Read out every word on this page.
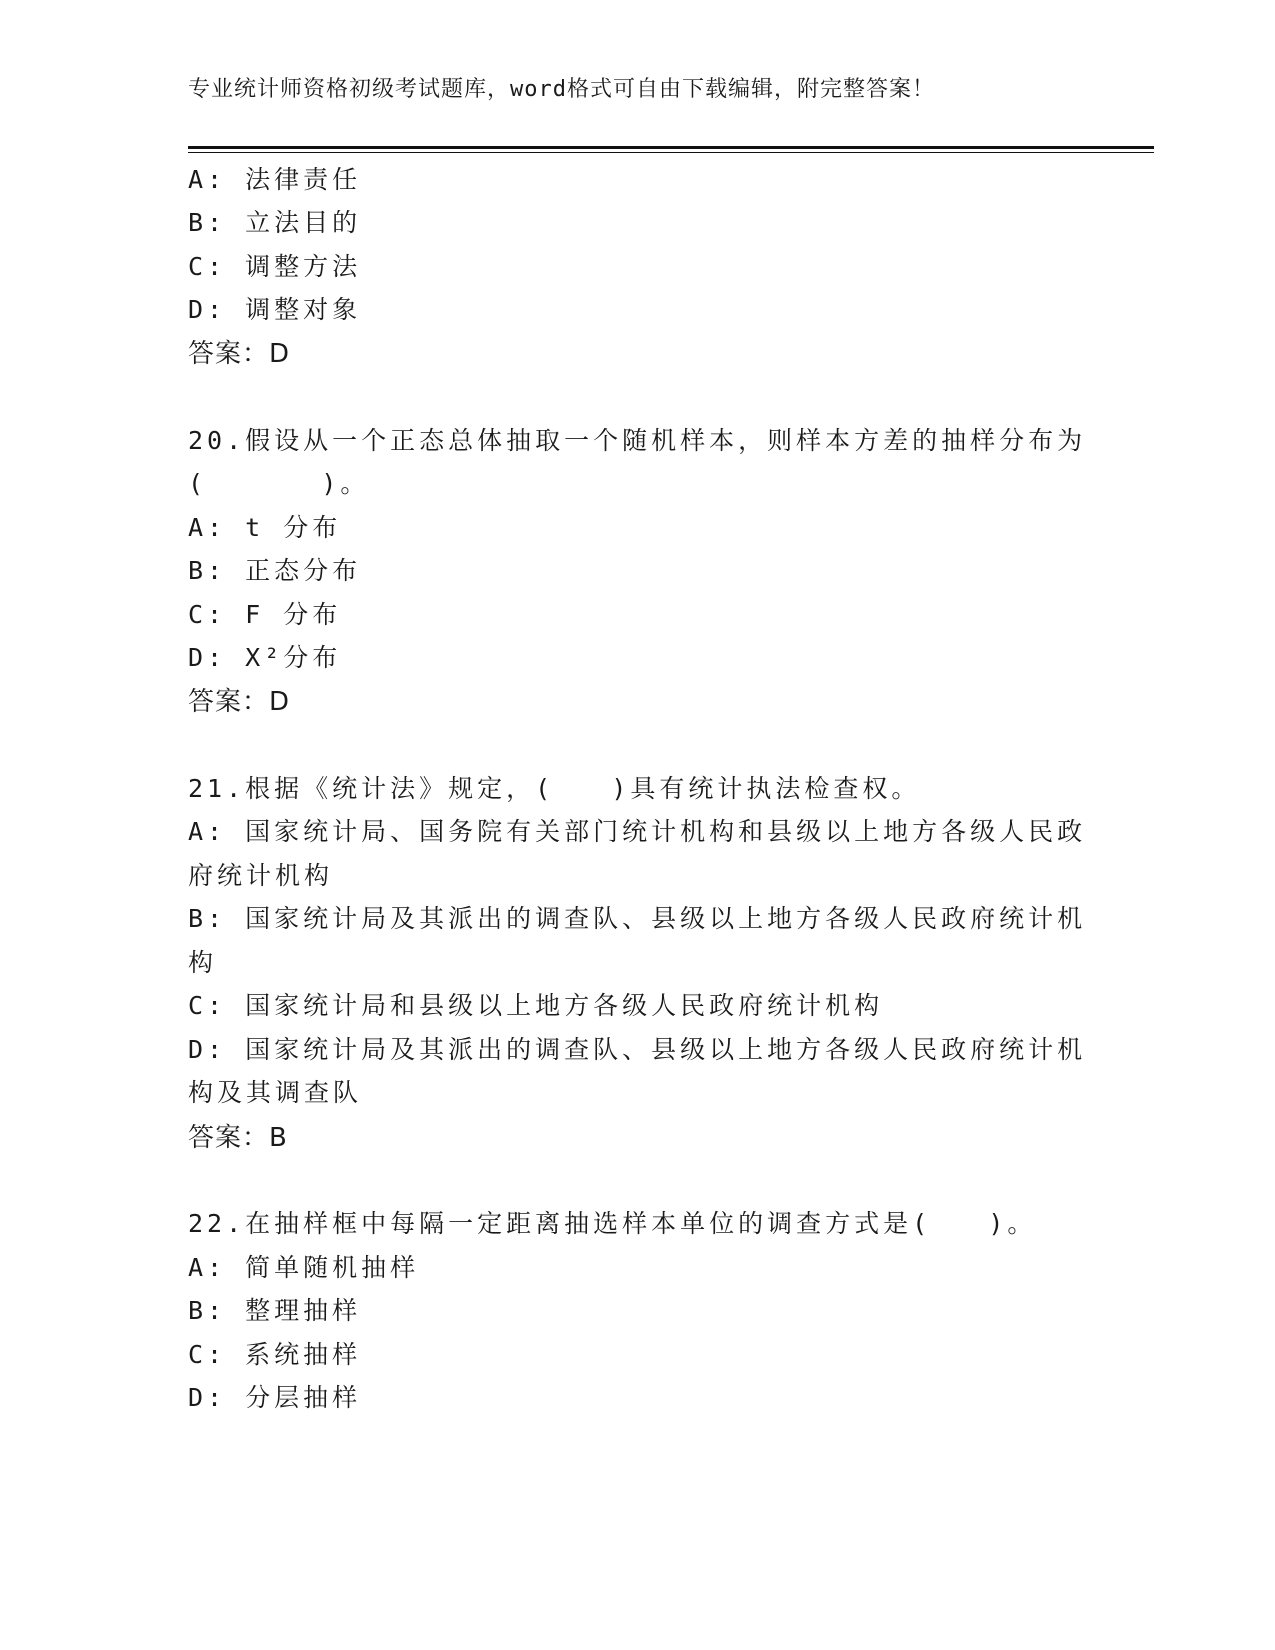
专业统计师资格初级考试题库，word格式可自由下载编辑，附完整答案！
A: 法律责任
B: 立法目的
C: 调整方法
D: 调整对象
答案：D
20.假设从一个正态总体抽取一个随机样本，则样本方差的抽样分布为
(      )。
A: t 分布
B: 正态分布
C: F 分布
D: X²分布
答案：D
21.根据《统计法》规定，(   )具有统计执法检查权。
A: 国家统计局、国务院有关部门统计机构和县级以上地方各级人民政
府统计机构
B: 国家统计局及其派出的调查队、县级以上地方各级人民政府统计机
构
C: 国家统计局和县级以上地方各级人民政府统计机构
D: 国家统计局及其派出的调查队、县级以上地方各级人民政府统计机
构及其调查队
答案：B
22.在抽样框中每隔一定距离抽选样本单位的调查方式是(   )。
A: 简单随机抽样
B: 整理抽样
C: 系统抽样
D: 分层抽样
